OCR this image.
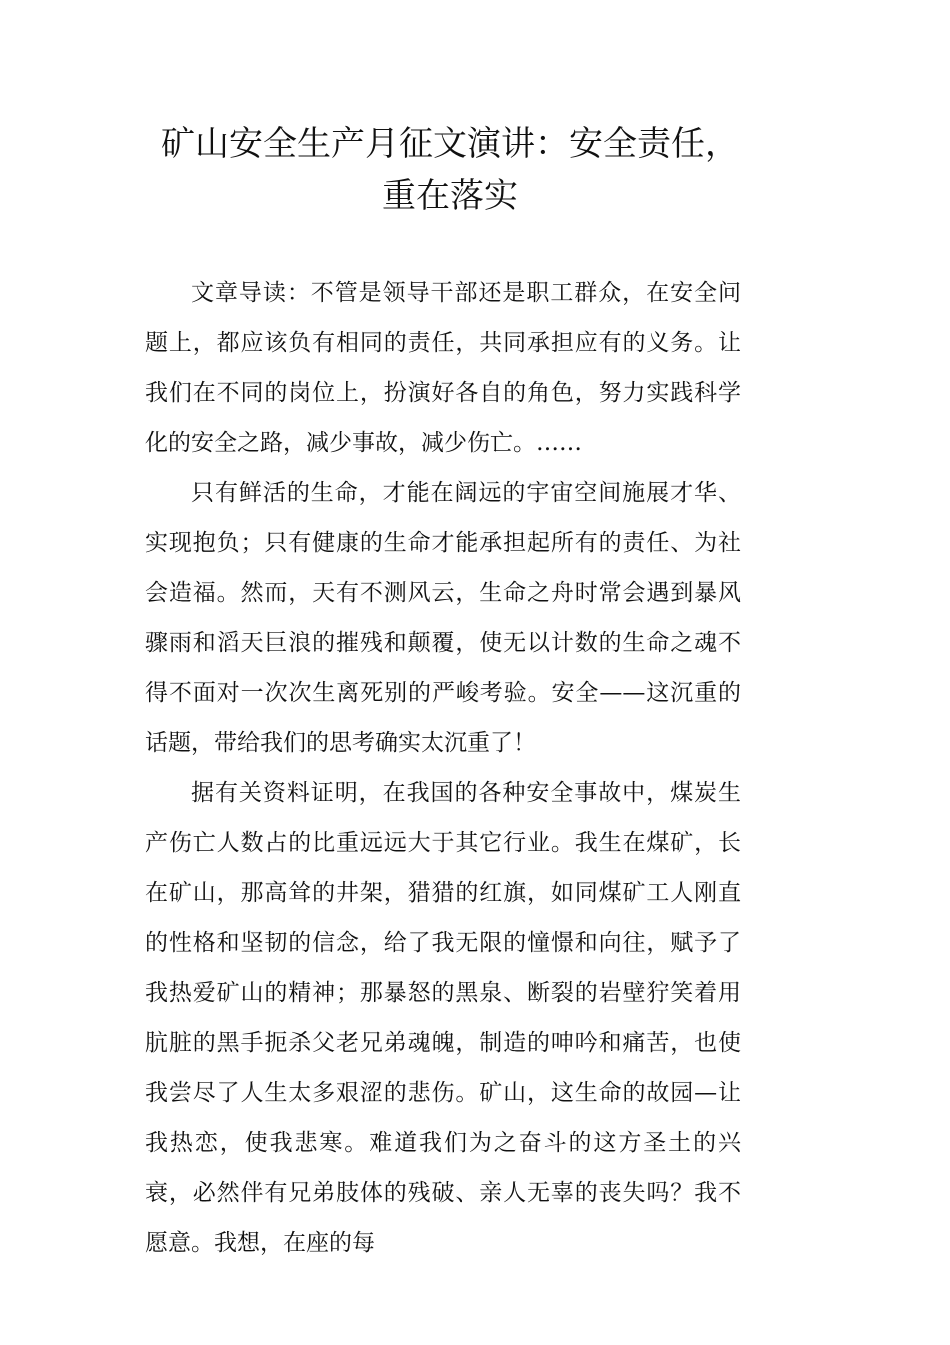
矿山安全生产月征文演讲：安全责任，重在落实

文章导读：不管是领导干部还是职工群众，在安全问题上，都应该负有相同的责任，共同承担应有的义务。让我们在不同的岗位上，扮演好各自的角色，努力实践科学化的安全之路，减少事故，减少伤亡。……

只有鲜活的生命，才能在阔远的宇宙空间施展才华、实现抱负；只有健康的生命才能承担起所有的责任、为社会造福。然而，天有不测风云，生命之舟时常会遇到暴风骤雨和滔天巨浪的摧残和颠覆，使无以计数的生命之魂不得不面对一次次生离死别的严峻考验。安全——这沉重的话题，带给我们的思考确实太沉重了！

据有关资料证明，在我国的各种安全事故中，煤炭生产伤亡人数占的比重远远大于其它行业。我生在煤矿，长在矿山，那高耸的井架，猎猎的红旗，如同煤矿工人刚直的性格和坚韧的信念，给了我无限的憧憬和向往，赋予了我热爱矿山的精神；那暴怒的黑泉、断裂的岩壁狞笑着用肮脏的黑手扼杀父老兄弟魂魄，制造的呻吟和痛苦，也使我尝尽了人生太多艰涩的悲伤。矿山，这生命的故园—让我热恋，使我悲寒。难道我们为之奋斗的这方圣土的兴衰，必然伴有兄弟肢体的残破、亲人无辜的丧失吗？我不愿意。我想，在座的每
